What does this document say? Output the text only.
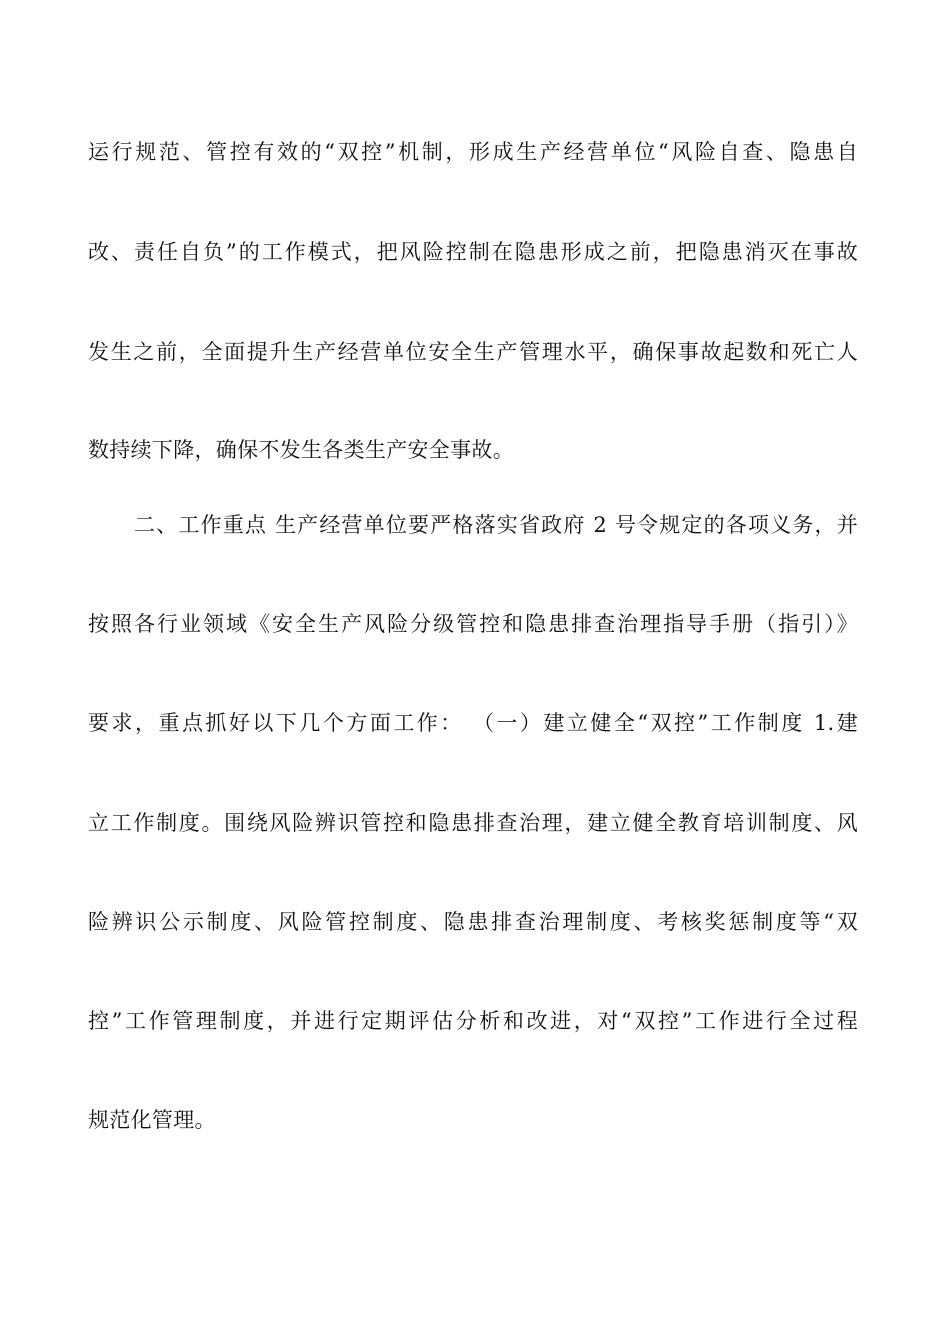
运行规范、管控有效的“双控”机制，形成生产经营单位“风险自查、隐患自
改、责任自负”的工作模式，把风险控制在隐患形成之前，把隐患消灭在事故
发生之前，全面提升生产经营单位安全生产管理水平，确保事故起数和死亡人
数持续下降，确保不发生各类生产安全事故。
二、工作重点 生产经营单位要严格落实省政府 2 号令规定的各项义务，并
按照各行业领域《安全生产风险分级管控和隐患排查治理指导手册（指引）》
要求，重点抓好以下几个方面工作： （一）建立健全“双控”工作制度 1.建
立工作制度。围绕风险辨识管控和隐患排查治理，建立健全教育培训制度、风
险辨识公示制度、风险管控制度、隐患排查治理制度、考核奖惩制度等“双
控”工作管理制度，并进行定期评估分析和改进，对“双控”工作进行全过程
规范化管理。
